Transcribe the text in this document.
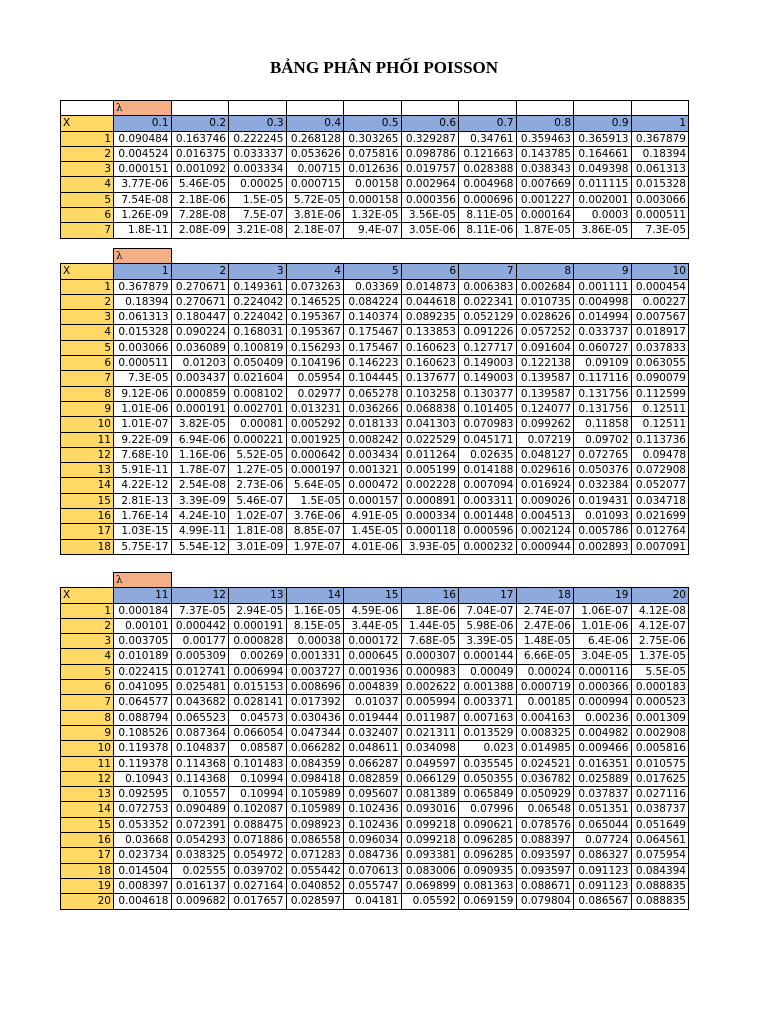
BẢNG PHÂN PHỐI POISSON
	λ									
X	0.1	0.2	0.3	0.4	0.5	0.6	0.7	0.8	0.9	1
1	0.090484	0.163746	0.222245	0.268128	0.303265	0.329287	0.34761	0.359463	0.365913	0.367879
2	0.004524	0.016375	0.033337	0.053626	0.075816	0.098786	0.121663	0.143785	0.164661	0.18394
3	0.000151	0.001092	0.003334	0.00715	0.012636	0.019757	0.028388	0.038343	0.049398	0.061313
4	3.77E-06	5.46E-05	0.00025	0.000715	0.00158	0.002964	0.004968	0.007669	0.011115	0.015328
5	7.54E-08	2.18E-06	1.5E-05	5.72E-05	0.000158	0.000356	0.000696	0.001227	0.002001	0.003066
6	1.26E-09	7.28E-08	7.5E-07	3.81E-06	1.32E-05	3.56E-05	8.11E-05	0.000164	0.0003	0.000511
7	1.8E-11	2.08E-09	3.21E-08	2.18E-07	9.4E-07	3.05E-06	8.11E-06	1.87E-05	3.86E-05	7.3E-05
	λ									
X	1	2	3	4	5	6	7	8	9	10
1	0.367879	0.270671	0.149361	0.073263	0.03369	0.014873	0.006383	0.002684	0.001111	0.000454
2	0.18394	0.270671	0.224042	0.146525	0.084224	0.044618	0.022341	0.010735	0.004998	0.00227
3	0.061313	0.180447	0.224042	0.195367	0.140374	0.089235	0.052129	0.028626	0.014994	0.007567
4	0.015328	0.090224	0.168031	0.195367	0.175467	0.133853	0.091226	0.057252	0.033737	0.018917
5	0.003066	0.036089	0.100819	0.156293	0.175467	0.160623	0.127717	0.091604	0.060727	0.037833
6	0.000511	0.01203	0.050409	0.104196	0.146223	0.160623	0.149003	0.122138	0.09109	0.063055
7	7.3E-05	0.003437	0.021604	0.05954	0.104445	0.137677	0.149003	0.139587	0.117116	0.090079
8	9.12E-06	0.000859	0.008102	0.02977	0.065278	0.103258	0.130377	0.139587	0.131756	0.112599
9	1.01E-06	0.000191	0.002701	0.013231	0.036266	0.068838	0.101405	0.124077	0.131756	0.12511
10	1.01E-07	3.82E-05	0.00081	0.005292	0.018133	0.041303	0.070983	0.099262	0.11858	0.12511
11	9.22E-09	6.94E-06	0.000221	0.001925	0.008242	0.022529	0.045171	0.07219	0.09702	0.113736
12	7.68E-10	1.16E-06	5.52E-05	0.000642	0.003434	0.011264	0.02635	0.048127	0.072765	0.09478
13	5.91E-11	1.78E-07	1.27E-05	0.000197	0.001321	0.005199	0.014188	0.029616	0.050376	0.072908
14	4.22E-12	2.54E-08	2.73E-06	5.64E-05	0.000472	0.002228	0.007094	0.016924	0.032384	0.052077
15	2.81E-13	3.39E-09	5.46E-07	1.5E-05	0.000157	0.000891	0.003311	0.009026	0.019431	0.034718
16	1.76E-14	4.24E-10	1.02E-07	3.76E-06	4.91E-05	0.000334	0.001448	0.004513	0.01093	0.021699
17	1.03E-15	4.99E-11	1.81E-08	8.85E-07	1.45E-05	0.000118	0.000596	0.002124	0.005786	0.012764
18	5.75E-17	5.54E-12	3.01E-09	1.97E-07	4.01E-06	3.93E-05	0.000232	0.000944	0.002893	0.007091
	λ									
X	11	12	13	14	15	16	17	18	19	20
1	0.000184	7.37E-05	2.94E-05	1.16E-05	4.59E-06	1.8E-06	7.04E-07	2.74E-07	1.06E-07	4.12E-08
2	0.00101	0.000442	0.000191	8.15E-05	3.44E-05	1.44E-05	5.98E-06	2.47E-06	1.01E-06	4.12E-07
3	0.003705	0.00177	0.000828	0.00038	0.000172	7.68E-05	3.39E-05	1.48E-05	6.4E-06	2.75E-06
4	0.010189	0.005309	0.00269	0.001331	0.000645	0.000307	0.000144	6.66E-05	3.04E-05	1.37E-05
5	0.022415	0.012741	0.006994	0.003727	0.001936	0.000983	0.00049	0.00024	0.000116	5.5E-05
6	0.041095	0.025481	0.015153	0.008696	0.004839	0.002622	0.001388	0.000719	0.000366	0.000183
7	0.064577	0.043682	0.028141	0.017392	0.01037	0.005994	0.003371	0.00185	0.000994	0.000523
8	0.088794	0.065523	0.04573	0.030436	0.019444	0.011987	0.007163	0.004163	0.00236	0.001309
9	0.108526	0.087364	0.066054	0.047344	0.032407	0.021311	0.013529	0.008325	0.004982	0.002908
10	0.119378	0.104837	0.08587	0.066282	0.048611	0.034098	0.023	0.014985	0.009466	0.005816
11	0.119378	0.114368	0.101483	0.084359	0.066287	0.049597	0.035545	0.024521	0.016351	0.010575
12	0.10943	0.114368	0.10994	0.098418	0.082859	0.066129	0.050355	0.036782	0.025889	0.017625
13	0.092595	0.10557	0.10994	0.105989	0.095607	0.081389	0.065849	0.050929	0.037837	0.027116
14	0.072753	0.090489	0.102087	0.105989	0.102436	0.093016	0.07996	0.06548	0.051351	0.038737
15	0.053352	0.072391	0.088475	0.098923	0.102436	0.099218	0.090621	0.078576	0.065044	0.051649
16	0.03668	0.054293	0.071886	0.086558	0.096034	0.099218	0.096285	0.088397	0.07724	0.064561
17	0.023734	0.038325	0.054972	0.071283	0.084736	0.093381	0.096285	0.093597	0.086327	0.075954
18	0.014504	0.02555	0.039702	0.055442	0.070613	0.083006	0.090935	0.093597	0.091123	0.084394
19	0.008397	0.016137	0.027164	0.040852	0.055747	0.069899	0.081363	0.088671	0.091123	0.088835
20	0.004618	0.009682	0.017657	0.028597	0.04181	0.05592	0.069159	0.079804	0.086567	0.088835
